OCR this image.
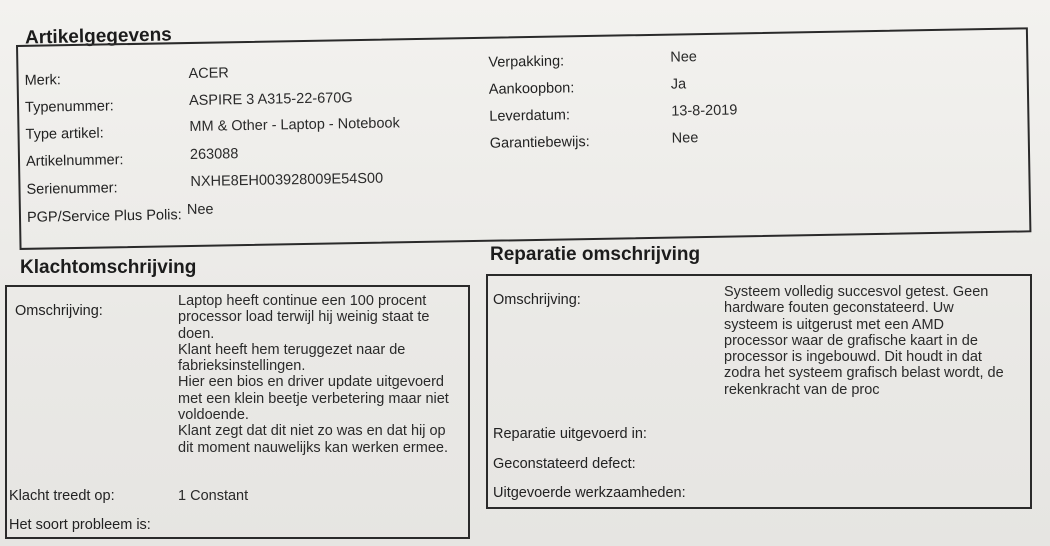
Artikelgegevens
Merk:	ACER
Typenummer:	ASPIRE 3 A315-22-670G
Type artikel:	MM & Other - Laptop - Notebook
Artikelnummer:	263088
Serienummer:	NXHE8EH003928009E54S00
PGP/Service Plus Polis: Nee
Verpakking:	Nee
Aankoopbon:	Ja
Leverdatum:	13-8-2019
Garantiebewijs:	Nee
Klachtomschrijving
Omschrijving:
Laptop heeft continue een 100 procent
processor load terwijl hij weinig staat te
doen.
Klant heeft hem teruggezet naar de
fabrieksinstellingen.
Hier een bios en driver update uitgevoerd
met een klein beetje verbetering maar niet
voldoende.
Klant zegt dat dit niet zo was en dat hij op
dit moment nauwelijks kan werken ermee.
Klacht treedt op:	1 Constant
Het soort probleem is:
Reparatie omschrijving
Omschrijving:	Systeem volledig succesvol getest. Geen
hardware fouten geconstateerd. Uw
systeem is uitgerust met een AMD
processor waar de grafische kaart in de
processor is ingebouwd. Dit houdt in dat
zodra het systeem grafisch belast wordt, de
rekenkracht van de proc
Reparatie uitgevoerd in:
Geconstateerd defect:
Uitgevoerde werkzaamheden:
